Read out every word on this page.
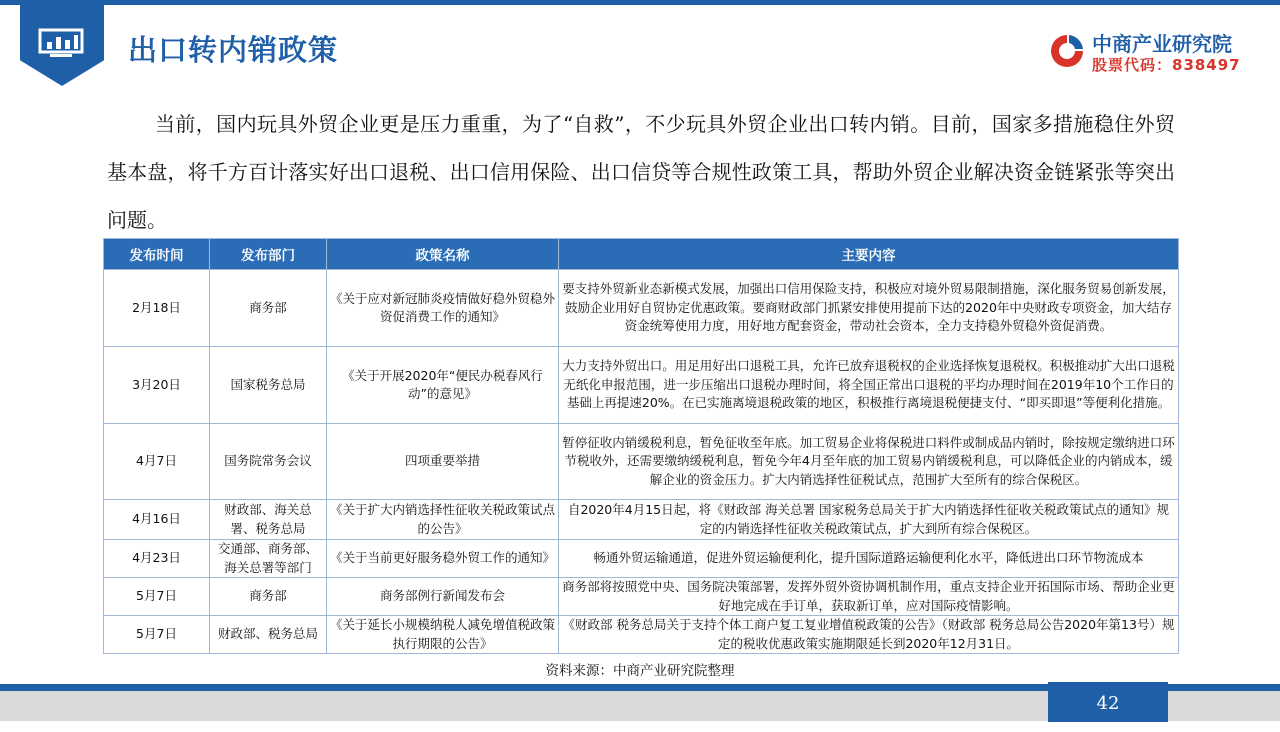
出口转内销政策	中商产业研究院
股票代码：838497

当前，国内玩具外贸企业更是压力重重，为了“自救”，不少玩具外贸企业出口转内销。目前，国家多措施稳住外贸基本盘，将千方百计落实好出口退税、出口信用保险、出口信贷等合规性政策工具，帮助外贸企业解决资金链紧张等突出问题。

发布时间	发布部门	政策名称	主要内容
2月18日	商务部	《关于应对新冠肺炎疫情做好稳外贸稳外资促消费工作的通知》	要支持外贸新业态新模式发展，加强出口信用保险支持，积极应对境外贸易限制措施，深化服务贸易创新发展，鼓励企业用好自贸协定优惠政策。要商财政部门抓紧安排使用提前下达的2020年中央财政专项资金，加大结存资金统筹使用力度，用好地方配套资金，带动社会资本，全力支持稳外贸稳外资促消费。
3月20日	国家税务总局	《关于开展2020年“便民办税春风行动”的意见》	大力支持外贸出口。用足用好出口退税工具，允许已放弃退税权的企业选择恢复退税权。积极推动扩大出口退税无纸化申报范围，进一步压缩出口退税办理时间，将全国正常出口退税的平均办理时间在2019年10个工作日的基础上再提速20%。在已实施离境退税政策的地区，积极推行离境退税便捷支付、“即买即退”等便利化措施。
4月7日	国务院常务会议	四项重要举措	暂停征收内销缓税利息，暂免征收至年底。加工贸易企业将保税进口料件或制成品内销时，除按规定缴纳进口环节税收外，还需要缴纳缓税利息，暂免今年4月至年底的加工贸易内销缓税利息，可以降低企业的内销成本，缓解企业的资金压力。扩大内销选择性征税试点，范围扩大至所有的综合保税区。
4月16日	财政部、海关总署、税务总局	《关于扩大内销选择性征收关税政策试点的公告》	自2020年4月15日起，将《财政部 海关总署 国家税务总局关于扩大内销选择性征收关税政策试点的通知》规定的内销选择性征收关税政策试点，扩大到所有综合保税区。
4月23日	交通部、商务部、海关总署等部门	《关于当前更好服务稳外贸工作的通知》	畅通外贸运输通道，促进外贸运输便利化，提升国际道路运输便利化水平，降低进出口环节物流成本
5月7日	商务部	商务部例行新闻发布会	商务部将按照党中央、国务院决策部署，发挥外贸外资协调机制作用，重点支持企业开拓国际市场、帮助企业更好地完成在手订单，获取新订单，应对国际疫情影响。
5月7日	财政部、税务总局	《关于延长小规模纳税人减免增值税政策执行期限的公告》	《财政部 税务总局关于支持个体工商户复工复业增值税政策的公告》（财政部 税务总局公告2020年第13号）规定的税收优惠政策实施期限延长到2020年12月31日。
资料来源：中商产业研究院整理
42
